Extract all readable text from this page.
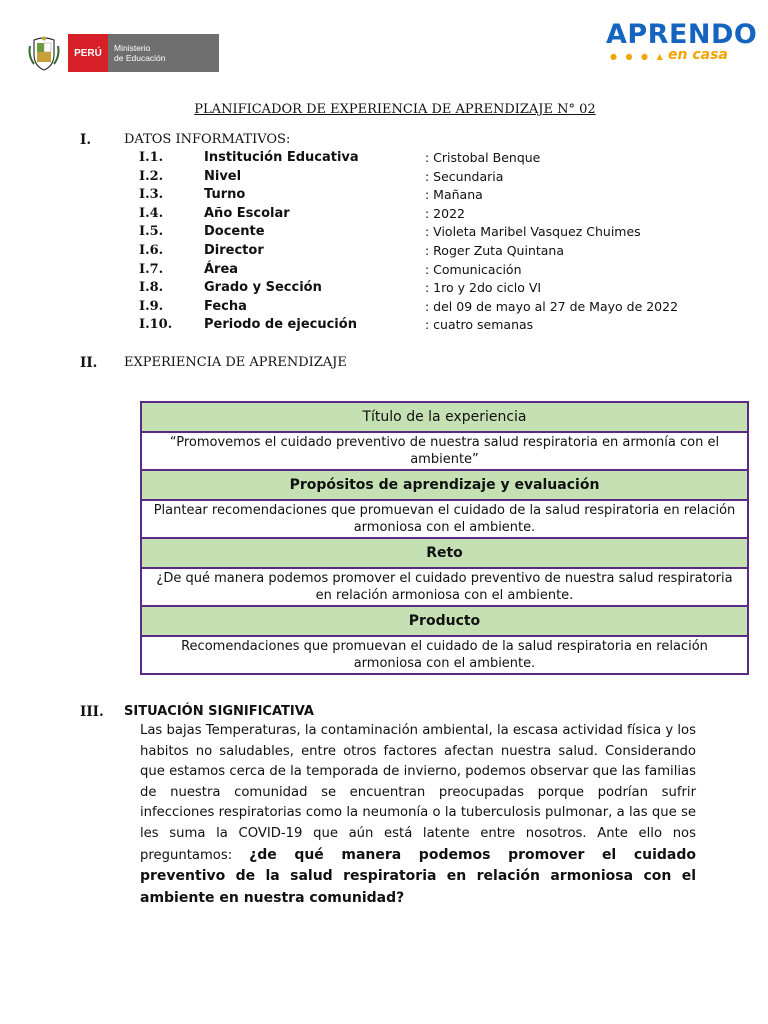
PERÚ	Ministerio
de Educación
APRENDO
● ● ● ▲ en casa
PLANIFICADOR DE EXPERIENCIA DE APRENDIZAJE N° 02
I.	DATOS INFORMATIVOS:
I.1.	Institución Educativa	: Cristobal Benque
I.2.	Nivel	: Secundaria
I.3.	Turno	: Mañana
I.4.	Año Escolar	: 2022
I.5.	Docente	: Violeta Maribel Vasquez Chuimes
I.6.	Director	: Roger Zuta Quintana
I.7.	Área	: Comunicación
I.8.	Grado y Sección	: 1ro y 2do ciclo VI
I.9.	Fecha	: del 09 de mayo al 27 de Mayo de 2022
I.10. Periodo de ejecución	: cuatro semanas
II. EXPERIENCIA DE APRENDIZAJE
Título de la experiencia
“Promovemos el cuidado preventivo de nuestra salud respiratoria en armonía con el ambiente”
Propósitos de aprendizaje y evaluación
Plantear recomendaciones que promuevan el cuidado de la salud respiratoria en relación armoniosa con el ambiente.
Reto
¿De qué manera podemos promover el cuidado preventivo de nuestra salud respiratoria en relación armoniosa con el ambiente.
Producto
Recomendaciones que promuevan el cuidado de la salud respiratoria en relación armoniosa con el ambiente.
III. SITUACIÓN SIGNIFICATIVA
Las bajas Temperaturas, la contaminación ambiental, la escasa actividad física y los habitos no saludables, entre otros factores afectan nuestra salud. Considerando que estamos cerca de la temporada de invierno, podemos observar que las familias de nuestra comunidad se encuentran preocupadas porque podrían sufrir infecciones respiratorias como la neumonía o la tuberculosis pulmonar, a las que se les suma la COVID-19 que aún está latente entre nosotros. Ante ello nos preguntamos: ¿de qué manera podemos promover el cuidado preventivo de la salud respiratoria en relación armoniosa con el ambiente en nuestra comunidad?
